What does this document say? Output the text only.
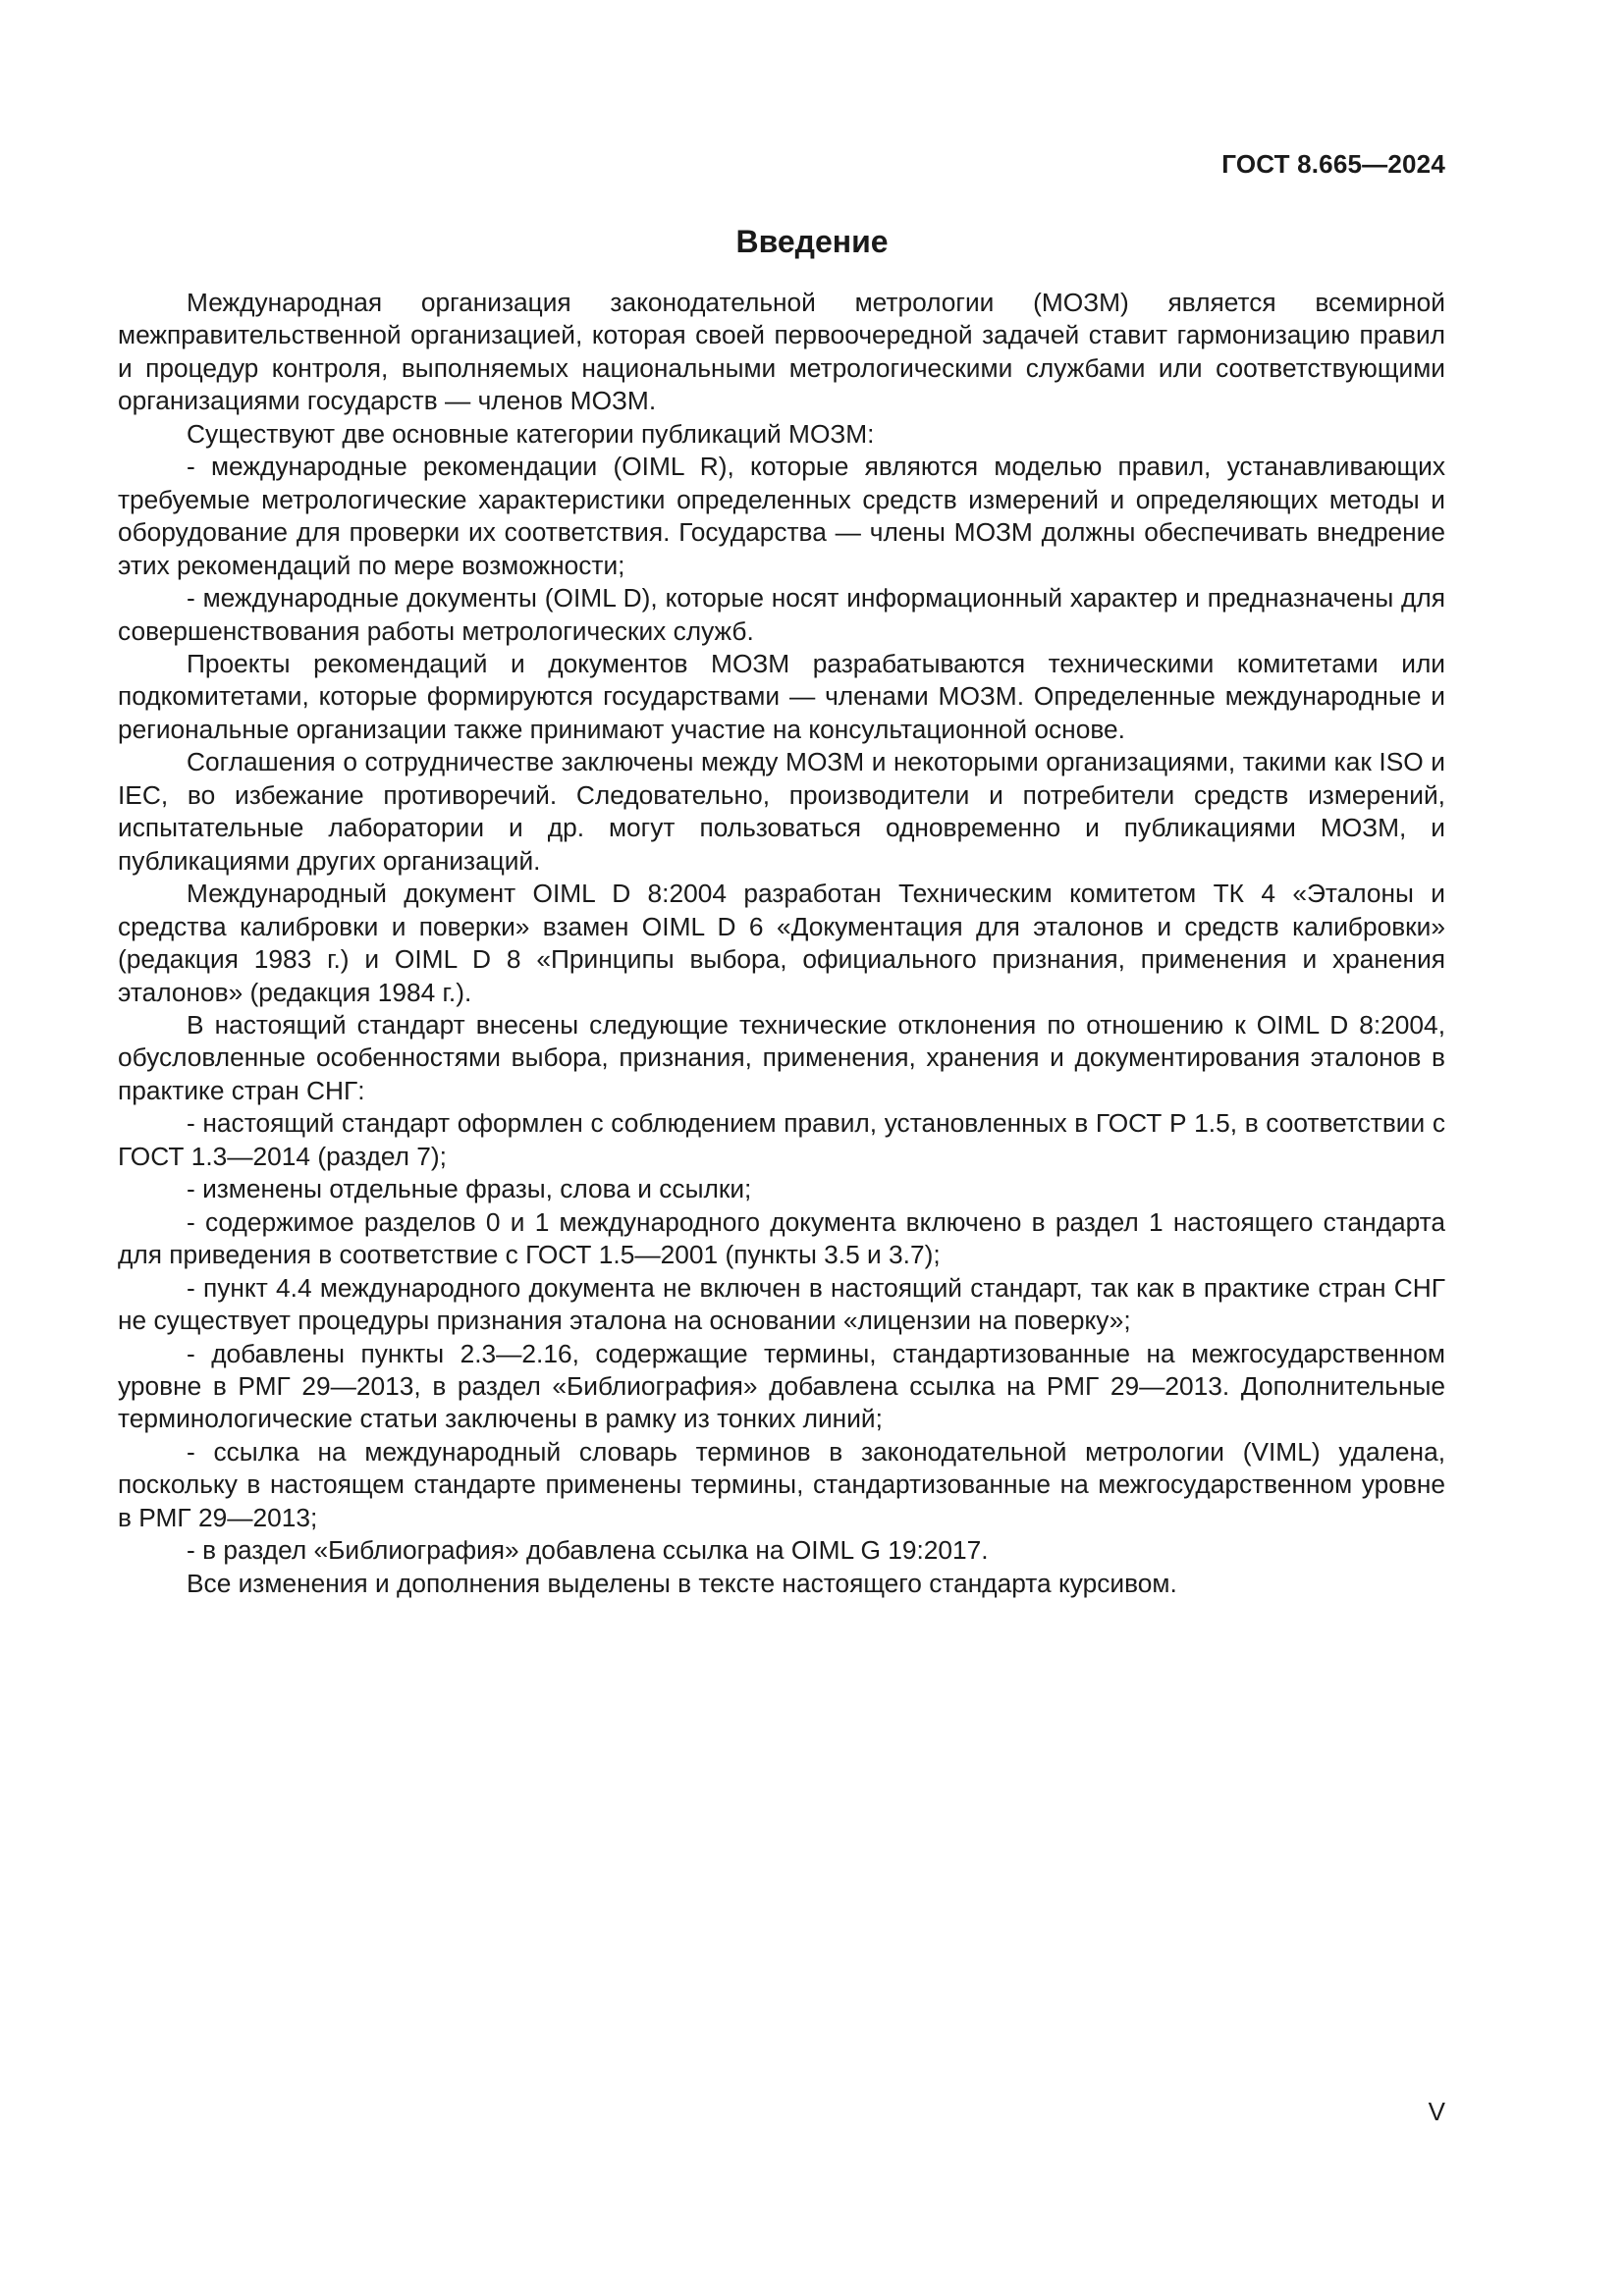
ГОСТ 8.665—2024
Введение

Международная организация законодательной метрологии (МОЗМ) является всемирной межправительственной организацией, которая своей первоочередной задачей ставит гармонизацию правил и процедур контроля, выполняемых национальными метрологическими службами или соответствующими организациями государств — членов МОЗМ.

Существуют две основные категории публикаций МОЗМ:

- международные рекомендации (OIML R), которые являются моделью правил, устанавливающих требуемые метрологические характеристики определенных средств измерений и определяющих методы и оборудование для проверки их соответствия. Государства — члены МОЗМ должны обеспечивать внедрение этих рекомендаций по мере возможности;

- международные документы (OIML D), которые носят информационный характер и предназначены для совершенствования работы метрологических служб.

Проекты рекомендаций и документов МОЗМ разрабатываются техническими комитетами или подкомитетами, которые формируются государствами — членами МОЗМ. Определенные международные и региональные организации также принимают участие на консультационной основе.

Соглашения о сотрудничестве заключены между МОЗМ и некоторыми организациями, такими как ISO и IEC, во избежание противоречий. Следовательно, производители и потребители средств измерений, испытательные лаборатории и др. могут пользоваться одновременно и публикациями МОЗМ, и публикациями других организаций.

Международный документ OIML D 8:2004 разработан Техническим комитетом ТК 4 «Эталоны и средства калибровки и поверки» взамен OIML D 6 «Документация для эталонов и средств калибровки» (редакция 1983 г.) и OIML D 8 «Принципы выбора, официального признания, применения и хранения эталонов» (редакция 1984 г.).

В настоящий стандарт внесены следующие технические отклонения по отношению к OIML D 8:2004, обусловленные особенностями выбора, признания, применения, хранения и документирования эталонов в практике стран СНГ:

- настоящий стандарт оформлен с соблюдением правил, установленных в ГОСТ Р 1.5, в соответствии с ГОСТ 1.3—2014 (раздел 7);

- изменены отдельные фразы, слова и ссылки;

- содержимое разделов 0 и 1 международного документа включено в раздел 1 настоящего стандарта для приведения в соответствие с ГОСТ 1.5—2001 (пункты 3.5 и 3.7);

- пункт 4.4 международного документа не включен в настоящий стандарт, так как в практике стран СНГ не существует процедуры признания эталона на основании «лицензии на поверку»;

- добавлены пункты 2.3—2.16, содержащие термины, стандартизованные на межгосударственном уровне в РМГ 29—2013, в раздел «Библиография» добавлена ссылка на РМГ 29—2013. Дополнительные терминологические статьи заключены в рамку из тонких линий;

- ссылка на международный словарь терминов в законодательной метрологии (VIML) удалена, поскольку в настоящем стандарте применены термины, стандартизованные на межгосударственном уровне в РМГ 29—2013;

- в раздел «Библиография» добавлена ссылка на OIML G 19:2017.

Все изменения и дополнения выделены в тексте настоящего стандарта курсивом.

V
